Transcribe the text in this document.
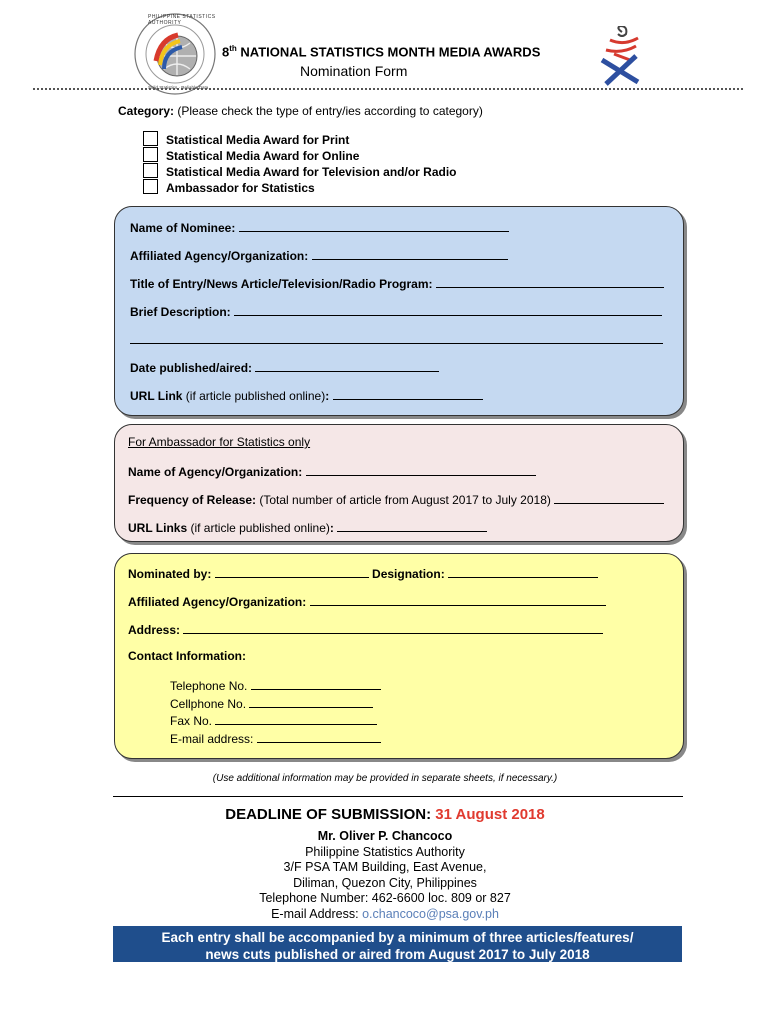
PHILIPPINE STATISTICS AUTHORITY
Solid Statistics · Reliable Data
8th NATIONAL STATISTICS MONTH MEDIA AWARDS
Nomination Form
Category: (Please check the type of entry/ies according to category)
Statistical Media Award for Print
Statistical Media Award for Online
Statistical Media Award for Television and/or Radio
Ambassador for Statistics
Name of Nominee:
Affiliated Agency/Organization:
Title of Entry/News Article/Television/Radio Program:
Brief Description:
Date published/aired:
URL Link (if article published online):
For Ambassador for Statistics only
Name of Agency/Organization:
Frequency of Release: (Total number of article from August 2017 to July 2018)
URL Links (if article published online):
Nominated by:	Designation:
Affiliated Agency/Organization:
Address:
Contact Information:
Telephone No.
Cellphone No.
Fax No.
E-mail address:
(Use additional information may be provided in separate sheets, if necessary.)
DEADLINE OF SUBMISSION: 31 August 2018
Mr. Oliver P. Chancoco
Philippine Statistics Authority
3/F PSA TAM Building, East Avenue,
Diliman, Quezon City, Philippines
Telephone Number: 462-6600 loc. 809 or 827
E-mail Address: o.chancoco@psa.gov.ph
Each entry shall be accompanied by a minimum of three articles/features/
news cuts published or aired from August 2017 to July 2018
